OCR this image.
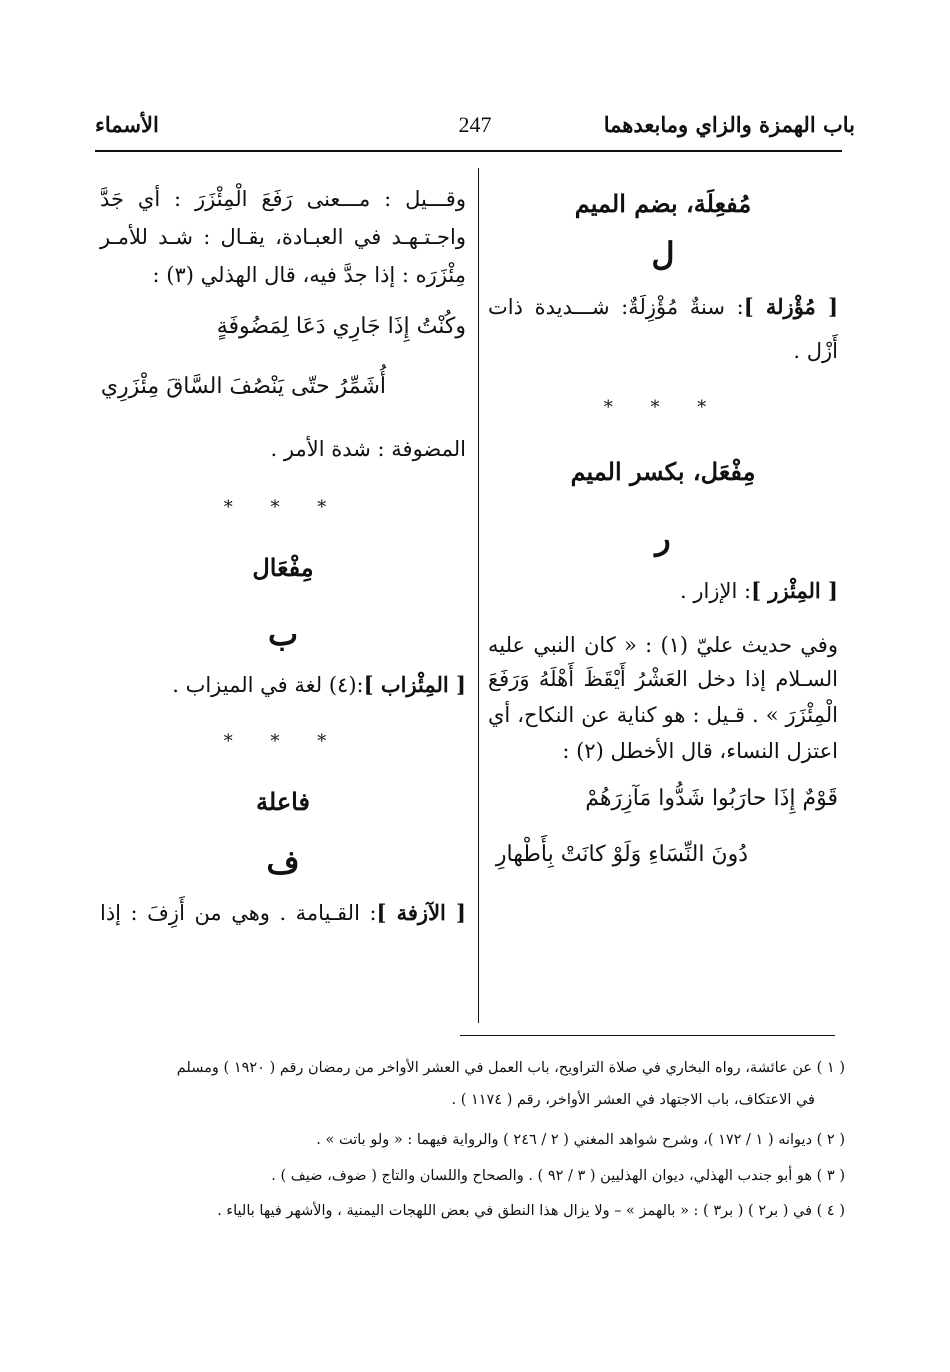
باب الهمزة والزاي ومابعدهما
247
الأسماء
مُفعِلَة، بضم الميم
ل
[ مُؤْزلة ]: سنةٌ مُؤْزِلَةٌ: شـــديدة ذات
أَزْل .
* * *
مِفْعَل، بكسر الميم
ر
[ المِئْزر ]: الإزار .
وفي حديث عليّ (١) : « كان النبي عليه
السـلام إذا دخل العَشْرُ أَيْقَظَ أَهْلَهُ وَرَفَعَ
الْمِئْزَرَ » . قـيل : هو كناية عن النكاح، أي
اعتزل النساء، قال الأخطل (٢) :
قَوْمٌ إِذَا حارَبُوا شَدُّوا مَآزِرَهُمْ
دُونَ النِّسَاءِ وَلَوْ كانَتْ بِأَطْهارِ
وقـــيل : مـــعنى رَفَعَ الْمِئْزَرَ : أي جَدَّ
واجـتـهـد في العبـادة، يقـال : شـد للأمـر
مِئْزَرَه : إذا جدَّ فيه، قال الهذلي (٣) :
وكُنْتُ إِذَا جَارِي دَعَا لِمَضُوفَةٍ
أُشَمِّرُ حتّى يَنْصُفَ السَّاقَ مِئْزَرِي
المضوفة : شدة الأمر .
* * *
مِفْعَال
ب
[ المِئْزاب ]:(٤) لغة في الميزاب .
* * *
فاعلة
ف
[ الآزفة ]: القـيامة . وهي من أَزِفَ : إذا
( ١ ) عن عائشة، رواه البخاري في صلاة التراويح، باب العمل في العشر الأواخر من رمضان رقم ( ١٩٢٠ ) ومسلم
في الاعتكاف، باب الاجتهاد في العشر الأواخر، رقم ( ١١٧٤ ) .
( ٢ ) ديوانه ( ١ / ١٧٢ )، وشرح شواهد المغني ( ٢ / ٢٤٦ ) والرواية فيهما : « ولو باتت » .
( ٣ ) هو أبو جندب الهذلي، ديوان الهذليين ( ٣ / ٩٢ ) . والصحاح واللسان والتاج ( ضوف، ضيف ) .
( ٤ ) في ( بر٢ ) ( بر٣ ) : « بالهمز » – ولا يزال هذا النطق في بعض اللهجات اليمنية ، والأشهر فيها بالياء .
